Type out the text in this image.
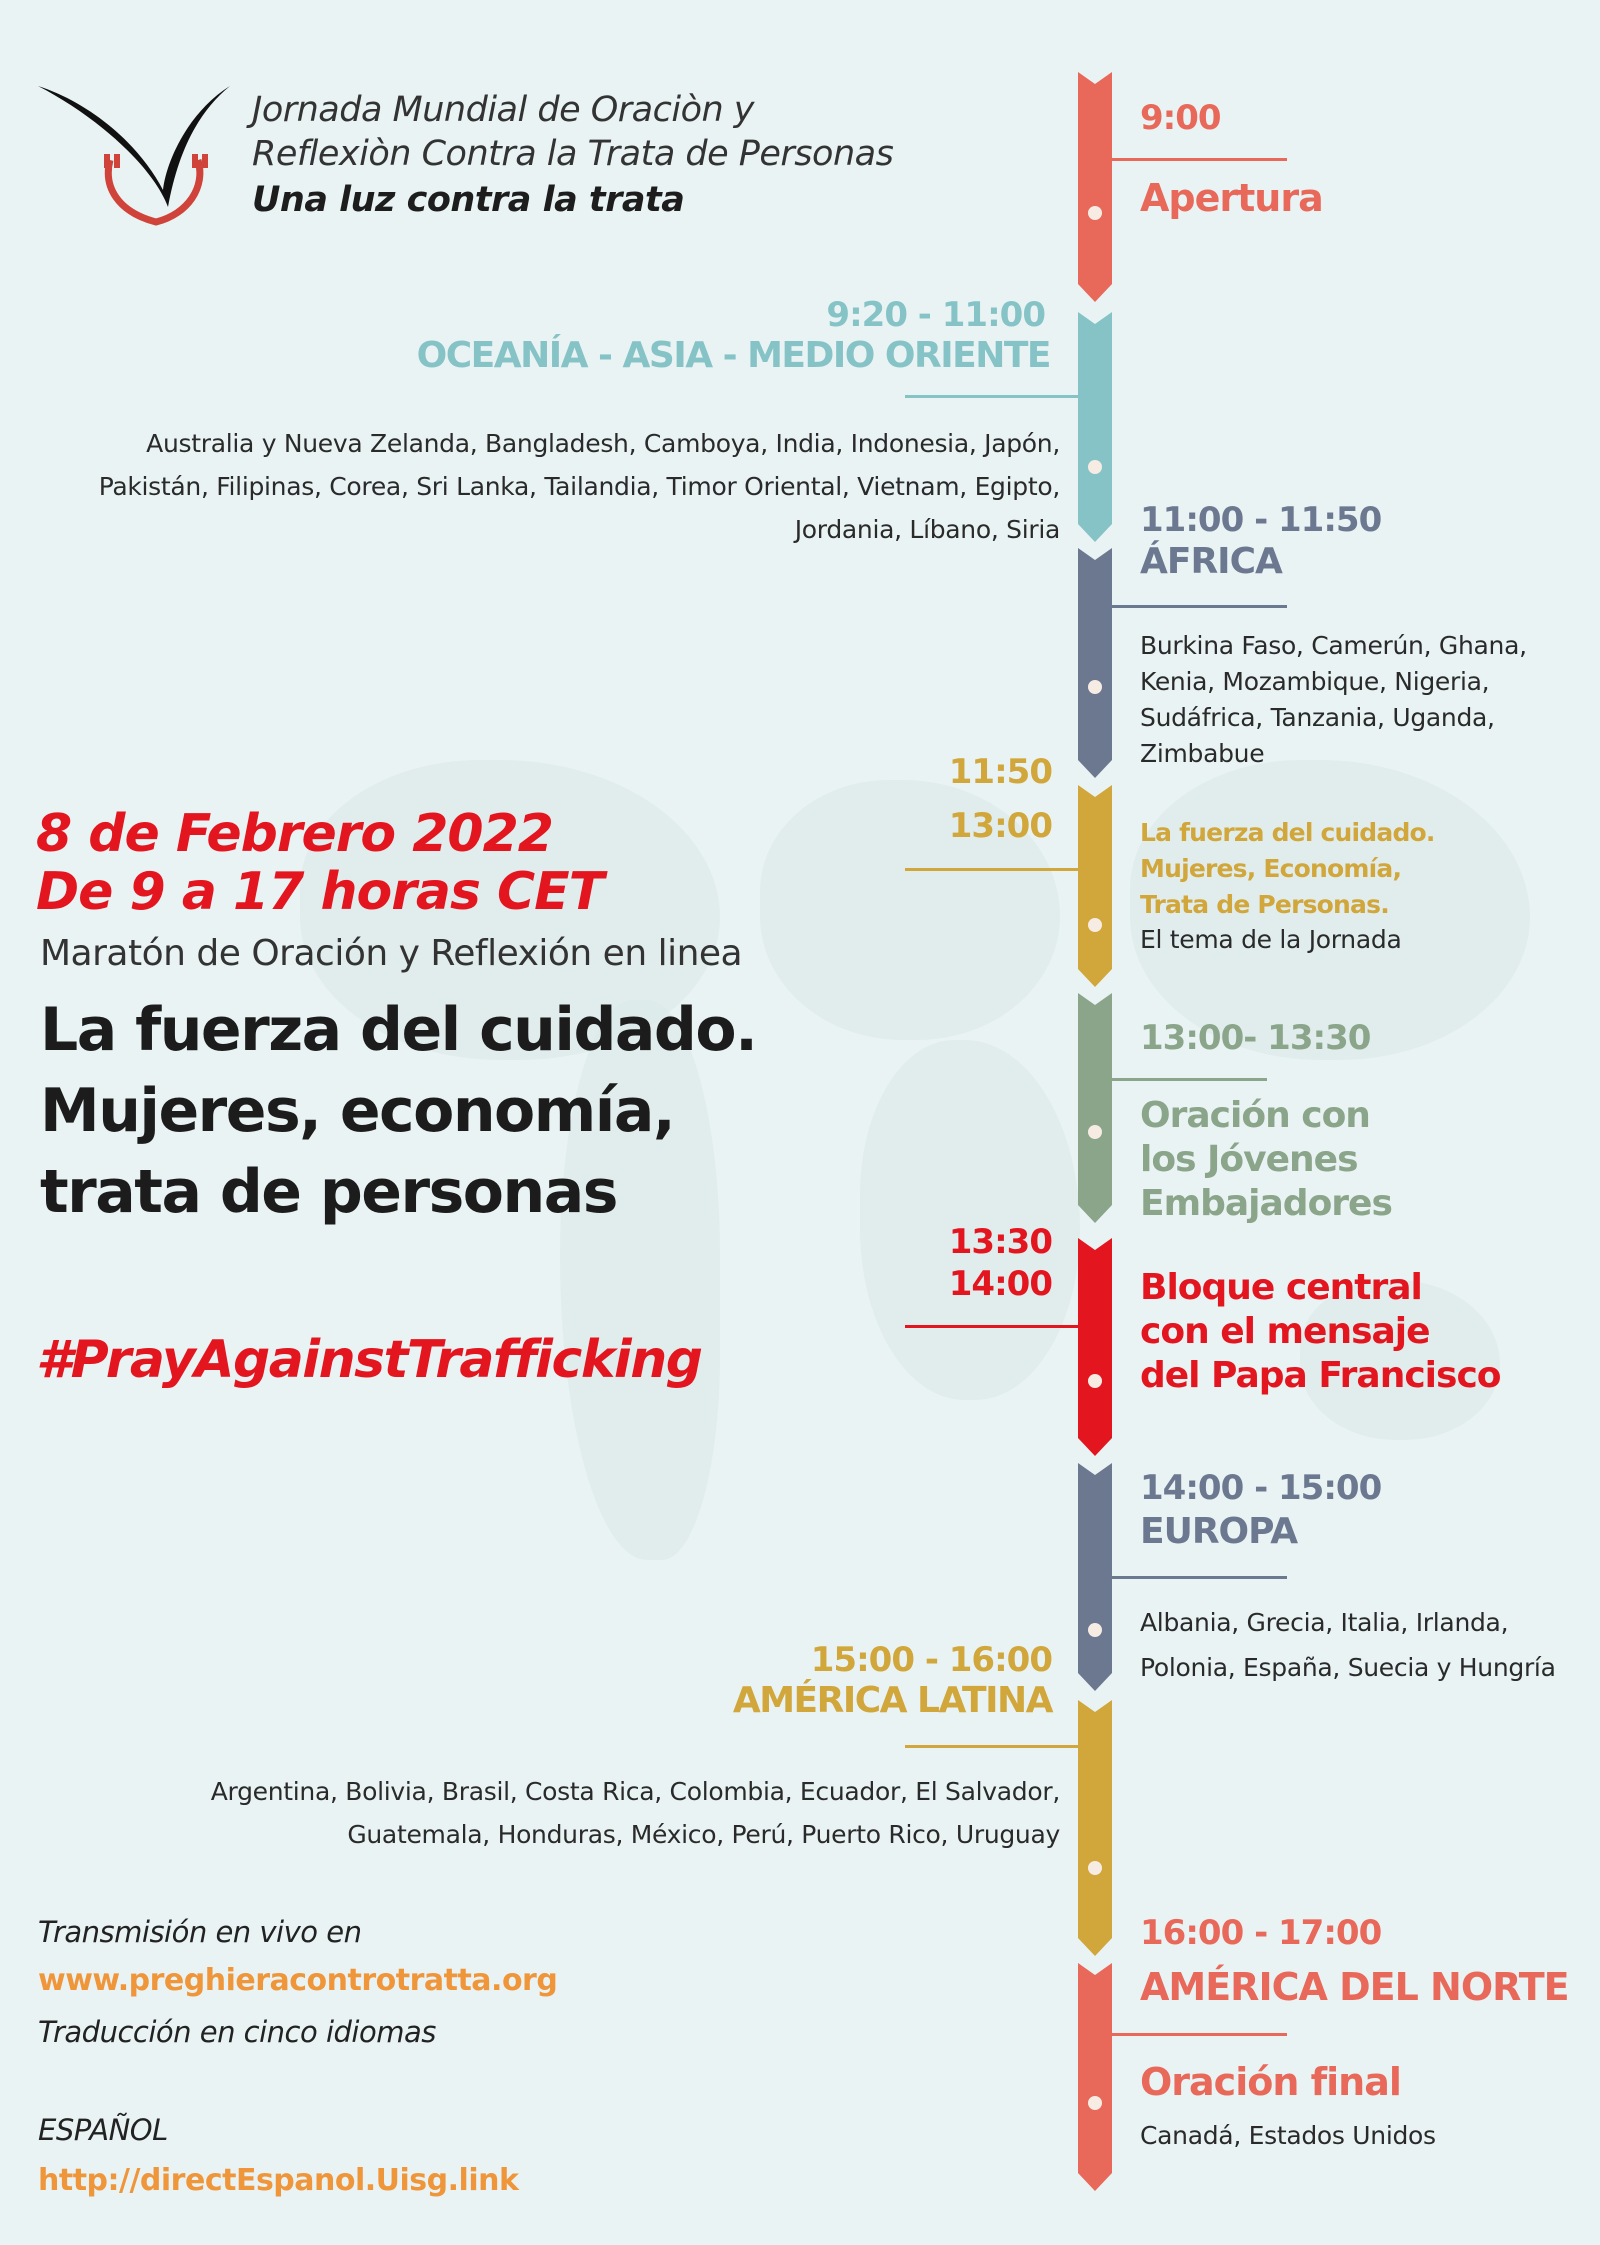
Jornada Mundial de Oraciòn y
Reflexiòn Contra la Trata de Personas
Una luz contra la trata
9:00
Apertura
9:20 - 11:00
OCEANÍA - ASIA - MEDIO ORIENTE
Australia y Nueva Zelanda, Bangladesh, Camboya, India, Indonesia, Japón,
Pakistán, Filipinas, Corea, Sri Lanka, Tailandia, Timor Oriental, Vietnam, Egipto,
Jordania, Líbano, Siria 11:00 - 11:50
ÁFRICA
Burkina Faso, Camerún, Ghana,
Kenia, Mozambique, Nigeria,
Sudáfrica, Tanzania, Uganda,
Zimbabue
11:50
13:00	La fuerza del cuidado.
Mujeres, Economía,
Trata de Personas.
El tema de la Jornada
13:00- 13:30
Oración con
los Jóvenes
Embajadores
13:30
14:00 Bloque central
con el mensaje
del Papa Francisco
14:00 - 15:00
EUROPA
Albania, Grecia, Italia, Irlanda,
Polonia, España, Suecia y Hungría
15:00 - 16:00
AMÉRICA LATINA
Argentina, Bolivia, Brasil, Costa Rica, Colombia, Ecuador, El Salvador,
Guatemala, Honduras, México, Perú, Puerto Rico, Uruguay
16:00 - 17:00
AMÉRICA DEL NORTE
Oración final
Canadá, Estados Unidos
8 de Febrero 2022
De 9 a 17 horas CET
Maratón de Oración y Reflexión en linea
La fuerza del cuidado.
Mujeres, economía,
trata de personas
#PrayAgainstTrafficking
Transmisión en vivo en
www.preghieracontrotratta.org
Traducción en cinco idiomas
ESPAÑOL
http://directEspanol.Uisg.link
